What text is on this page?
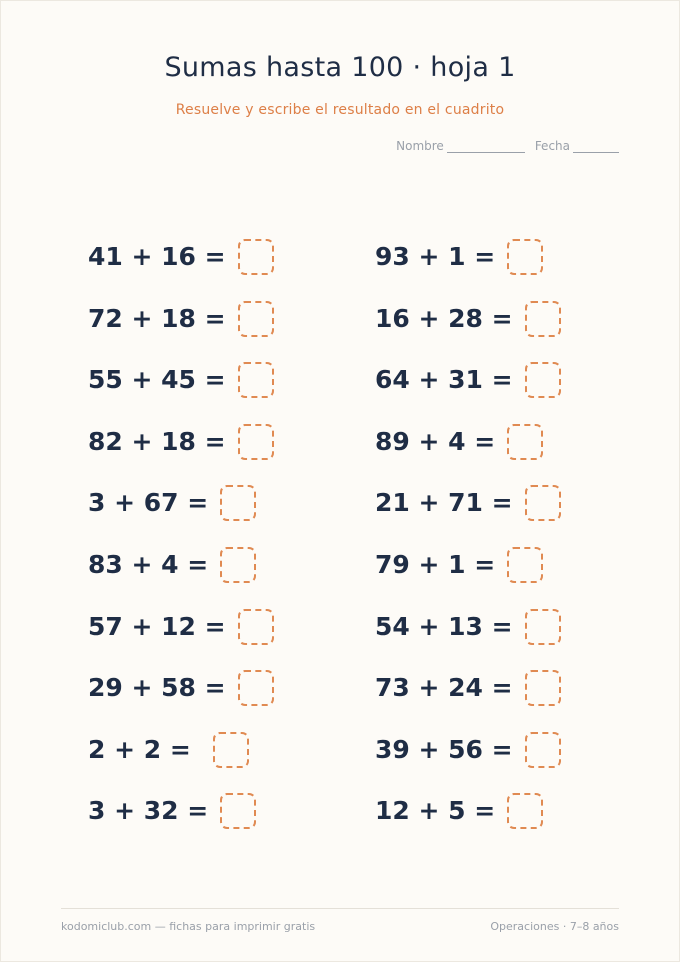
Sumas hasta 100 · hoja 1
Resuelve y escribe el resultado en el cuadrito
Nombre	Fecha
41 + 16 =
72 + 18 =
55 + 45 =
82 + 18 =
3 + 67 =
83 + 4 =
57 + 12 =
29 + 58 =
2 + 2 =
3 + 32 =
93 + 1 =
16 + 28 =
64 + 31 =
89 + 4 =
21 + 71 =
79 + 1 =
54 + 13 =
73 + 24 =
39 + 56 =
12 + 5 =
kodomiclub.com — fichas para imprimir gratis	Operaciones · 7–8 años
